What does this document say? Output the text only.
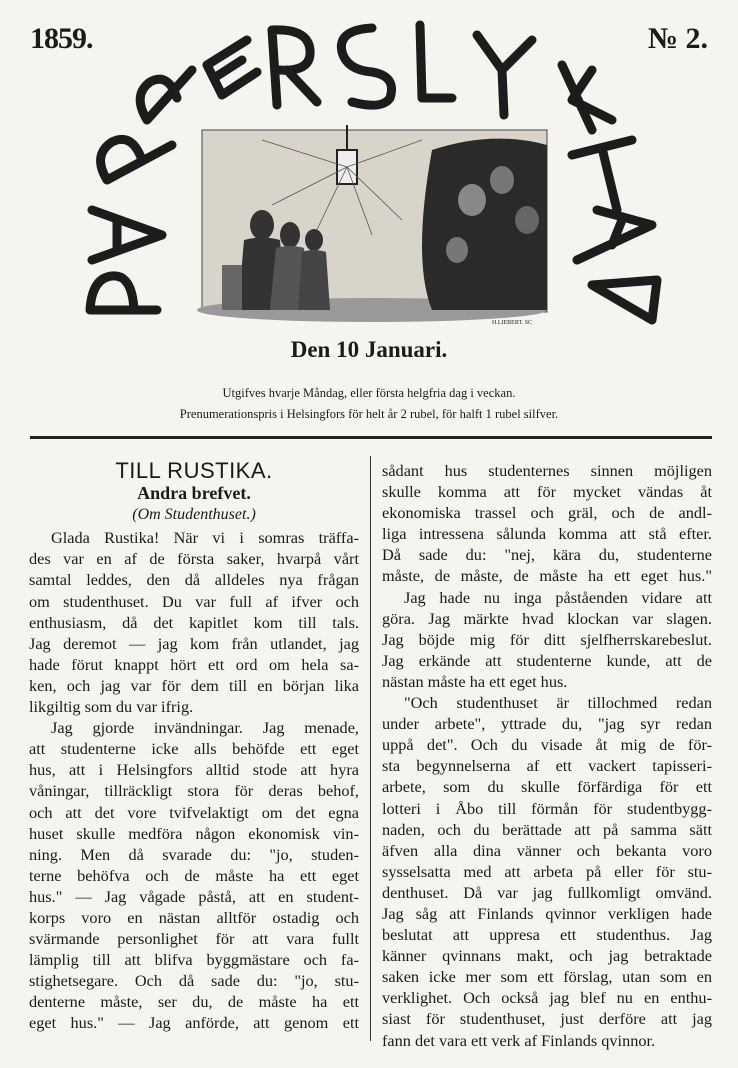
1859.	№ 2.
H.LIEBERT. SC
Den 10 Januari.
Utgifves hvarje Måndag, eller första helgfria dag i veckan.
Prenumerationspris i Helsingfors för helt år 2 rubel, för halft 1 rubel silfver.
TILL RUSTIKA.
Andra brefvet.
(Om Studenthuset.)
Glada Rustika! När vi i somras träffa-
des var en af de första saker, hvarpå vårt
samtal leddes, den då alldeles nya frågan
om studenthuset. Du var full af ifver och
enthusiasm, då det kapitlet kom till tals.
Jag deremot — jag kom från utlandet, jag
hade förut knappt hört ett ord om hela sa-
ken, och jag var för dem till en början lika
likgiltig som du var ifrig.
Jag gjorde invändningar. Jag menade,
att studenterne icke alls behöfde ett eget
hus, att i Helsingfors alltid stode att hyra
våningar, tillräckligt stora för deras behof,
och att det vore tvifvelaktigt om det egna
huset skulle medföra någon ekonomisk vin-
ning. Men då svarade du: "jo, studen-
terne behöfva och de måste ha ett eget
hus." — Jag vågade påstå, att en student-
korps voro en nästan alltför ostadig och
svärmande personlighet för att vara fullt
lämplig till att blifva byggmästare och fa-
stighetsegare. Och då sade du: "jo, stu-
denterne måste, ser du, de måste ha ett
eget hus." — Jag anförde, att genom ett
sådant hus studenternes sinnen möjligen
skulle komma att för mycket vändas åt
ekonomiska trassel och gräl, och de andl-
liga intressena sålunda komma att stå efter.
Då sade du: "nej, kära du, studenterne
måste, de måste, de måste ha ett eget hus."
Jag hade nu inga påståenden vidare att
göra. Jag märkte hvad klockan var slagen.
Jag böjde mig för ditt sjelfherrskarebeslut.
Jag erkände att studenterne kunde, att de
nästan måste ha ett eget hus.
"Och studenthuset är tillochmed redan
under arbete", yttrade du, "jag syr redan
uppå det". Och du visade åt mig de för-
sta begynnelserna af ett vackert tapisseri-
arbete, som du skulle förfärdiga för ett
lotteri i Åbo till förmån för studentbygg-
naden, och du berättade att på samma sätt
äfven alla dina vänner och bekanta voro
sysselsatta med att arbeta på eller för stu-
denthuset. Då var jag fullkomligt omvänd.
Jag såg att Finlands qvinnor verkligen hade
beslutat att uppresa ett studenthus. Jag
känner qvinnans makt, och jag betraktade
saken icke mer som ett förslag, utan som en
verklighet. Och också jag blef nu en enthu-
siast för studenthuset, just derföre att jag
fann det vara ett verk af Finlands qvinnor.
